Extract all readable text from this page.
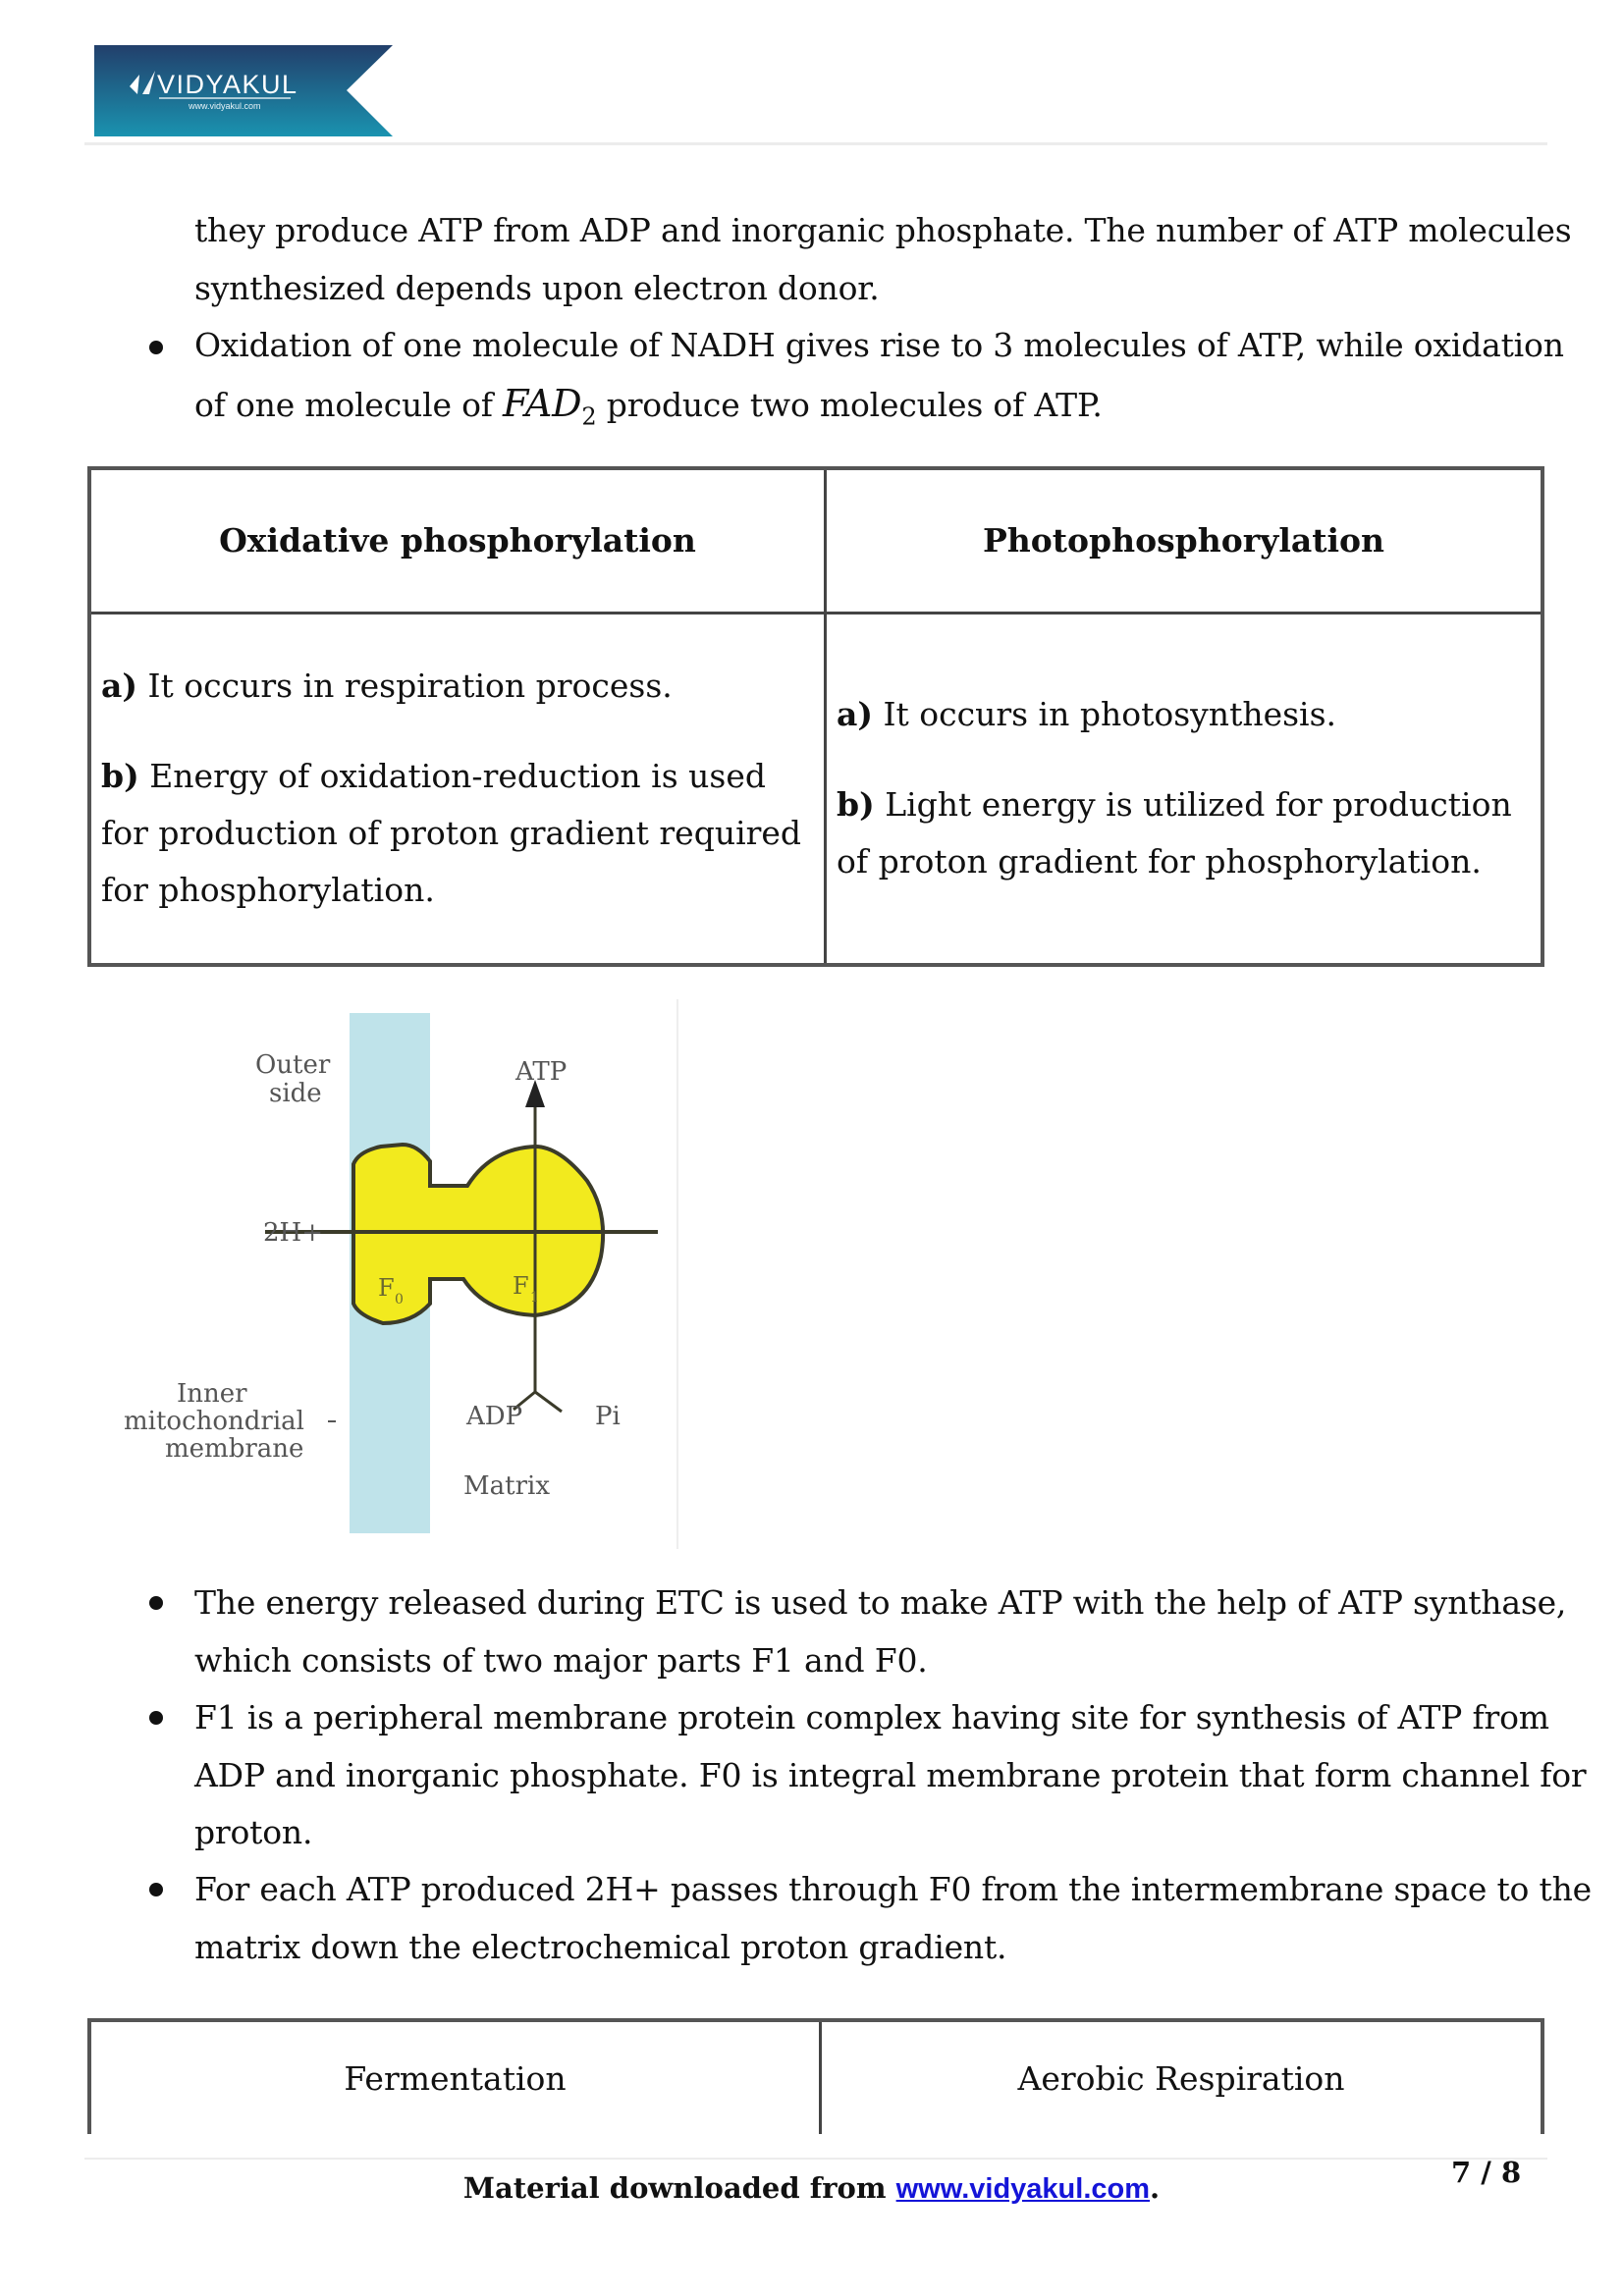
VIDYAKUL
www.vidyakul.com

they produce ATP from ADP and inorganic phosphate. The number of ATP molecules

synthesized depends upon electron donor.

Oxidation of one molecule of NADH gives rise to 3 molecules of ATP, while oxidation

of one molecule of $FAD_2$ produce two molecules of ATP.

Oxidative phosphorylation	Photophosphorylation

a) It occurs in respiration process.

b) Energy of oxidation-reduction is used for production of proton gradient required for phosphorylation.

a) It occurs in photosynthesis.

b) Light energy is utilized for production of proton gradient for phosphorylation.

Outer
side
ATP
2H+
F 0	F 1
Inner
mitochondrial
membrane
ADP	Pi
Matrix

The energy released during ETC is used to make ATP with the help of ATP synthase,

which consists of two major parts F1 and F0.

F1 is a peripheral membrane protein complex having site for synthesis of ATP from

ADP and inorganic phosphate. F0 is integral membrane protein that form channel for

proton.

For each ATP produced 2H+ passes through F0 from the intermembrane space to the

matrix down the electrochemical proton gradient.

Fermentation	Aerobic Respiration
Material downloaded from www.vidyakul.com.	7 / 8
